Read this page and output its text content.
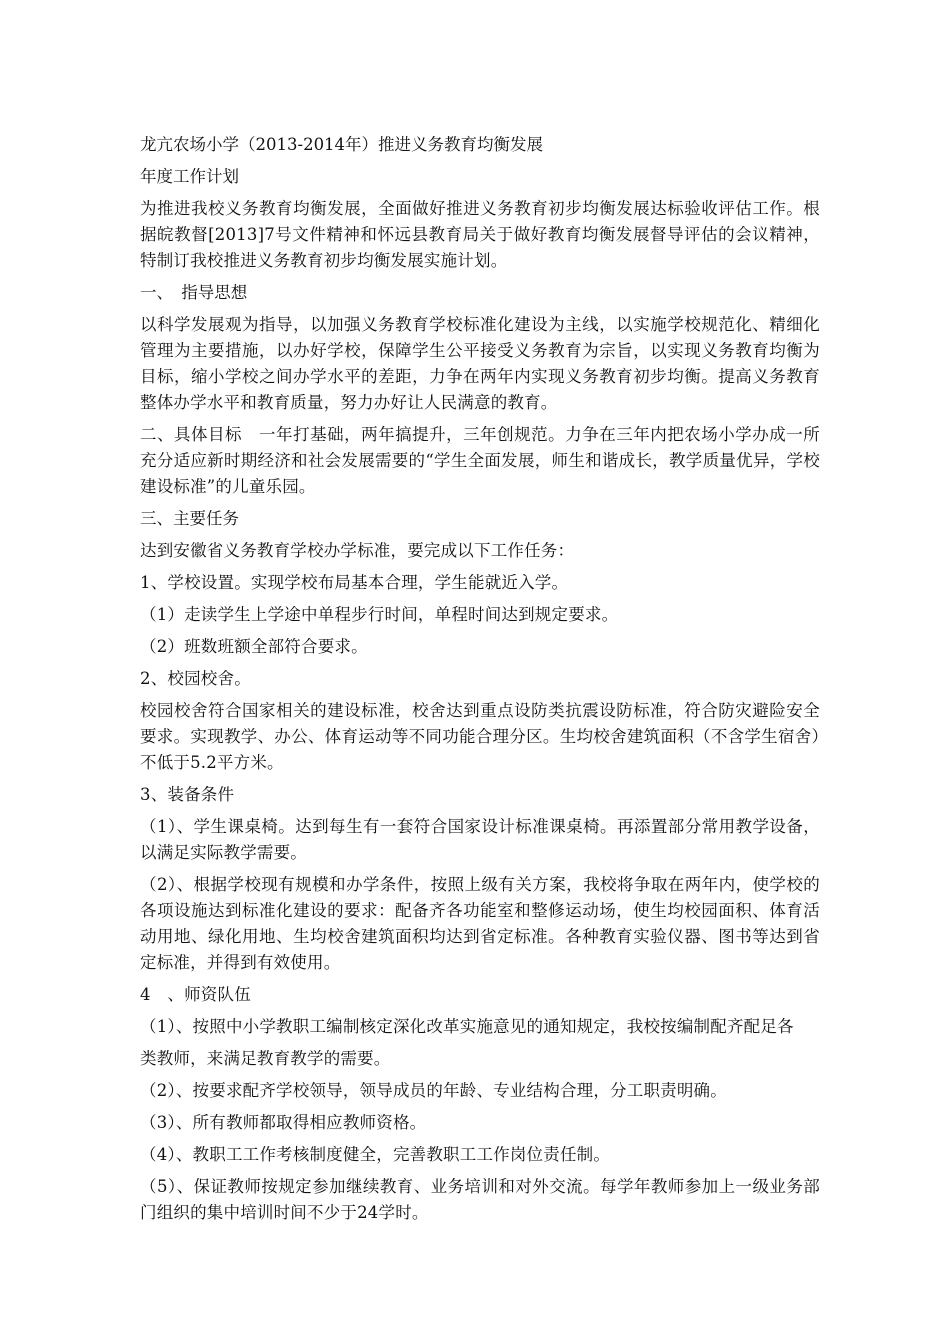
龙亢农场小学（2013-2014年）推进义务教育均衡发展

年度工作计划

为推进我校义务教育均衡发展，全面做好推进义务教育初步均衡发展达标验收评估工作。根据皖教督[2013]7号文件精神和怀远县教育局关于做好教育均衡发展督导评估的会议精神，特制订我校推进义务教育初步均衡发展实施计划。

一、　指导思想

以科学发展观为指导，以加强义务教育学校标准化建设为主线，以实施学校规范化、精细化管理为主要措施，以办好学校，保障学生公平接受义务教育为宗旨，以实现义务教育均衡为目标，缩小学校之间办学水平的差距，力争在两年内实现义务教育初步均衡。提高义务教育整体办学水平和教育质量，努力办好让人民满意的教育。

二、具体目标　一年打基础，两年搞提升，三年创规范。力争在三年内把农场小学办成一所充分适应新时期经济和社会发展需要的“学生全面发展，师生和谐成长，教学质量优异，学校建设标准”的儿童乐园。

三、主要任务

达到安徽省义务教育学校办学标准，要完成以下工作任务：

1、学校设置。实现学校布局基本合理，学生能就近入学。

（1）走读学生上学途中单程步行时间，单程时间达到规定要求。

（2）班数班额全部符合要求。

2、校园校舍。

校园校舍符合国家相关的建设标准，校舍达到重点设防类抗震设防标准，符合防灾避险安全要求。实现教学、办公、体育运动等不同功能合理分区。生均校舍建筑面积（不含学生宿舍）不低于5.2平方米。

3、装备条件

（1）、学生课桌椅。达到每生有一套符合国家设计标准课桌椅。再添置部分常用教学设备，以满足实际教学需要。

（2）、根据学校现有规模和办学条件，按照上级有关方案，我校将争取在两年内，使学校的各项设施达到标准化建设的要求：配备齐各功能室和整修运动场，使生均校园面积、体育活动用地、绿化用地、生均校舍建筑面积均达到省定标准。各种教育实验仪器、图书等达到省定标准，并得到有效使用。

4　、师资队伍

（1）、按照中小学教职工编制核定深化改革实施意见的通知规定，我校按编制配齐配足各

类教师，来满足教育教学的需要。

（2）、按要求配齐学校领导，领导成员的年龄、专业结构合理，分工职责明确。

（3）、所有教师都取得相应教师资格。

（4）、教职工工作考核制度健全，完善教职工工作岗位责任制。

（5）、保证教师按规定参加继续教育、业务培训和对外交流。每学年教师参加上一级业务部门组织的集中培训时间不少于24学时。
